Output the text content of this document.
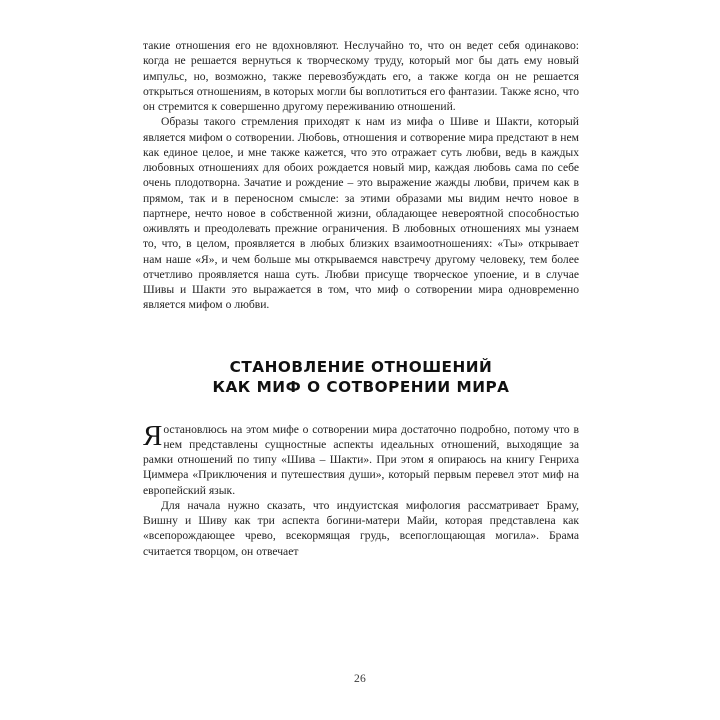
такие отношения его не вдохновляют. Неслучайно то, что он ведет себя одинаково: когда не решается вернуться к творческому труду, который мог бы дать ему новый импульс, но, возможно, также перевозбуждать его, а также когда он не решается открыться отношениям, в которых могли бы воплотиться его фантазии. Также ясно, что он стремится к совершенно другому переживанию отношений.

Образы такого стремления приходят к нам из мифа о Шиве и Шакти, который является мифом о сотворении. Любовь, отношения и сотворение мира предстают в нем как единое целое, и мне также кажется, что это отражает суть любви, ведь в каждых любовных отношениях для обоих рождается новый мир, каждая любовь сама по себе очень плодотворна. Зачатие и рождение – это выражение жажды любви, причем как в прямом, так и в переносном смысле: за этими образами мы видим нечто новое в партнере, нечто новое в собственной жизни, обладающее невероятной способностью оживлять и преодолевать прежние ограничения. В любовных отношениях мы узнаем то, что, в целом, проявляется в любых близких взаимоотношениях: «Ты» открывает нам наше «Я», и чем больше мы открываемся навстречу другому человеку, тем более отчетливо проявляется наша суть. Любви присуще творческое упоение, и в случае Шивы и Шакти это выражается в том, что миф о сотворении мира одновременно является мифом о любви.

СТАНОВЛЕНИЕ ОТНОШЕНИЙ
КАК МИФ О СОТВОРЕНИИ МИРА

Яостановлюсь на этом мифе о сотворении мира достаточно подробно, потому что в нем представлены сущностные аспекты идеальных отношений, выходящие за рамки отношений по типу «Шива – Шакти». При этом я опираюсь на книгу Генриха Циммера «Приключения и путешествия души», который первым перевел этот миф на европейский язык.

Для начала нужно сказать, что индуистская мифология рассматривает Браму, Вишну и Шиву как три аспекта богини-матери Майи, которая представлена как «всепорождающее чрево, всекормящая грудь, всепоглощающая могила». Брама считается творцом, он отвечает

26
